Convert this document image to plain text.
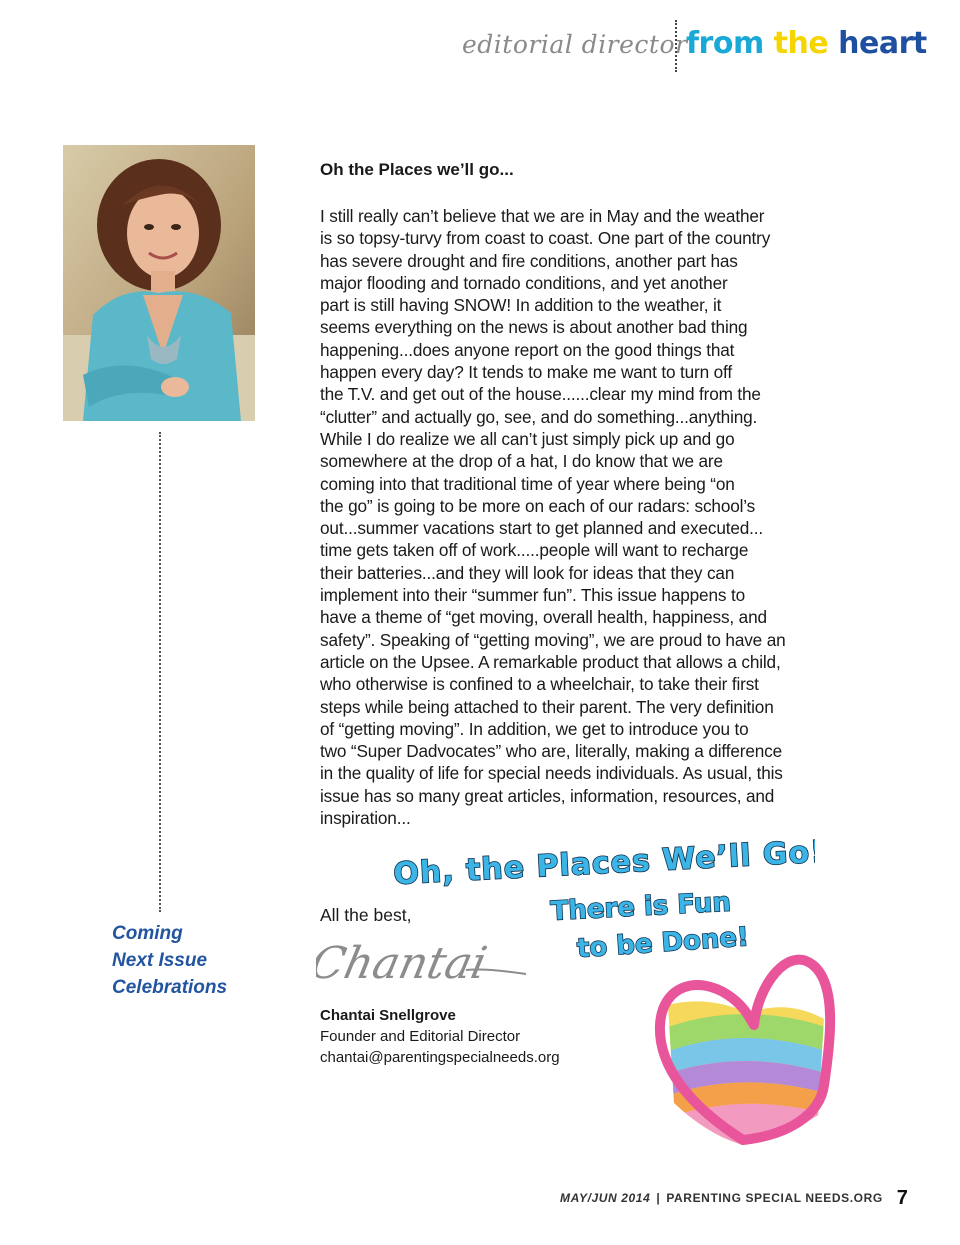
editorial director
from the heart
Coming
Next Issue
Celebrations
Oh the Places we’ll go...
I still really can’t believe that we are in May and the weather
is so topsy-turvy from coast to coast. One part of the country
has severe drought and fire conditions, another part has
major flooding and tornado conditions, and yet another
part is still having SNOW! In addition to the weather, it
seems everything on the news is about another bad thing
happening...does anyone report on the good things that
happen every day? It tends to make me want to turn off
the T.V. and get out of the house......clear my mind from the
“clutter” and actually go, see, and do something...anything.
While I do realize we all can’t just simply pick up and go
somewhere at the drop of a hat, I do know that we are
coming into that traditional time of year where being “on
the go” is going to be more on each of our radars: school’s
out...summer vacations start to get planned and executed...
time gets taken off of work.....people will want to recharge
their batteries...and they will look for ideas that they can
implement into their “summer fun”. This issue happens to
have a theme of “get moving, overall health, happiness, and
safety”. Speaking of “getting moving”, we are proud to have an
article on the Upsee. A remarkable product that allows a child,
who otherwise is confined to a wheelchair, to take their first
steps while being attached to their parent. The very definition
of “getting moving”. In addition, we get to introduce you to
two “Super Dadvocates” who are, literally, making a difference
in the quality of life for special needs individuals. As usual, this
issue has so many great articles, information, resources, and
inspiration...
All the best,
Chantai
Chantai Snellgrove
Founder and Editorial Director
chantai@parentingspecialneeds.org
Oh, the Places We’ll Go!
There is Fun
to be Done!
MAY/JUN 2014 | PARENTING SPECIAL NEEDS.ORG 7
